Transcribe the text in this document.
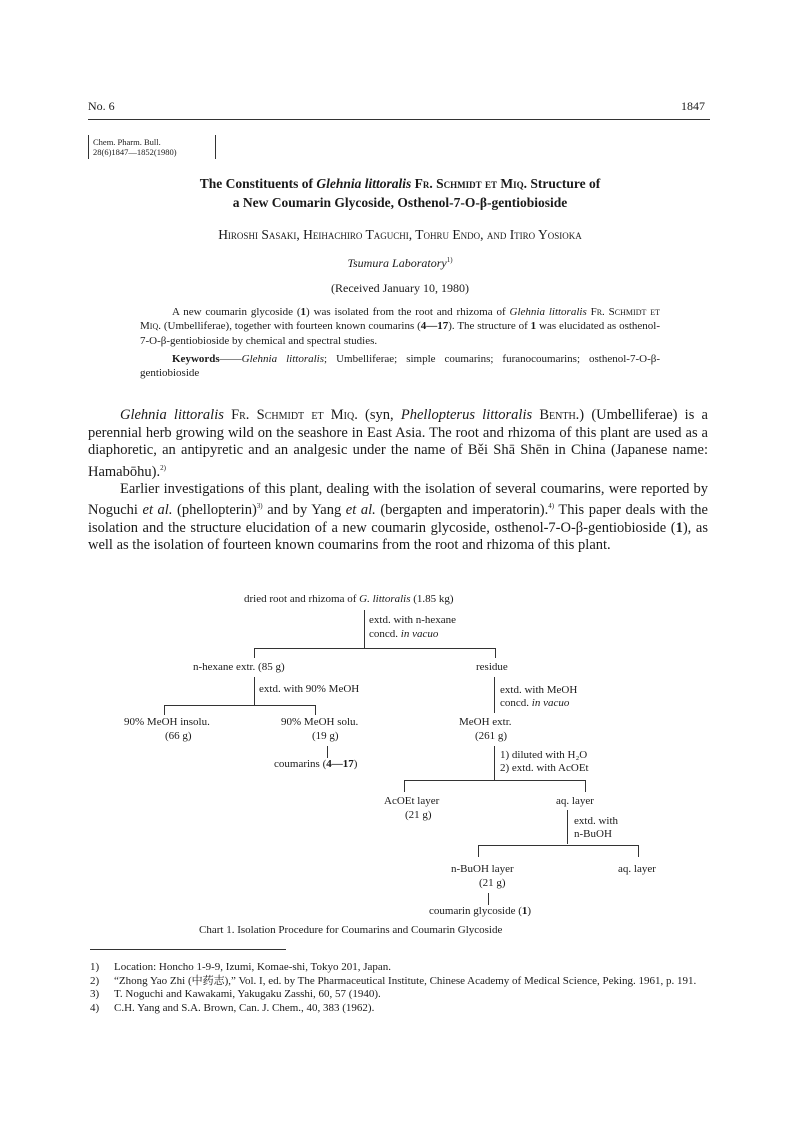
No. 6	1847
Chem. Pharm. Bull.
28(6)1847—1852(1980)
The Constituents of Glehnia littoralis Fr. Schmidt et Miq. Structure of
a New Coumarin Glycoside, Osthenol-7-O-β-gentiobioside
Hiroshi Sasaki, Heihachiro Taguchi, Tohru Endo, and Itiro Yosioka
Tsumura Laboratory$^{1)}$
(Received January 10, 1980)
A new coumarin glycoside (1) was isolated from the root and rhizoma of Glehnia littoralis Fr. Schmidt et Miq. (Umbelliferae), together with fourteen known coumarins (4—17). The structure of 1 was elucidated as osthenol-7-O-β-gentiobioside by chemical and spectral studies.
Keywords——Glehnia littoralis; Umbelliferae; simple coumarins; furanocoumarins; osthenol-7-O-β-gentiobioside

Glehnia littoralis Fr. Schmidt et Miq. (syn, Phellopterus littoralis Benth.) (Umbelliferae) is a perennial herb growing wild on the seashore in East Asia. The root and rhizoma of this plant are used as a diaphoretic, an antipyretic and an analgesic under the name of Běi Shā Shēn in China (Japanese name: Hamabōhu).$^{2)}$

Earlier investigations of this plant, dealing with the isolation of several coumarins, were reported by Noguchi et al. (phellopterin)$^{3)}$ and by Yang et al. (bergapten and imperatorin).$^{4)}$ This paper deals with the isolation and the structure elucidation of a new coumarin glycoside, osthenol-7-O-β-gentiobioside (1), as well as the isolation of fourteen known coumarins from the root and rhizoma of this plant.

dried root and rhizoma of G. littoralis (1.85 kg)
extd. with n-hexane
concd. in vacuo
n-hexane extr. (85 g)	residue
extd. with 90% MeOH
90% MeOH insolu.
(66 g)
90% MeOH solu.
(19 g)
coumarins (4—17)
extd. with MeOH
concd. in vacuo
MeOH extr.
(261 g)
1) diluted with H₂O
2) extd. with AcOEt
AcOEt layer
(21 g)
aq. layer
extd. with
n-BuOH
n-BuOH layer
(21 g)
aq. layer
coumarin glycoside (1)
Chart 1. Isolation Procedure for Coumarins and Coumarin Glycoside
1) Location: Honcho 1-9-9, Izumi, Komae-shi, Tokyo 201, Japan.
2) “Zhong Yao Zhi (中药志),” Vol. I, ed. by The Pharmaceutical Institute, Chinese Academy of Medical Science, Peking. 1961, p. 191.
3) T. Noguchi and Kawakami, Yakugaku Zasshi, 60, 57 (1940).
4) C.H. Yang and S.A. Brown, Can. J. Chem., 40, 383 (1962).
